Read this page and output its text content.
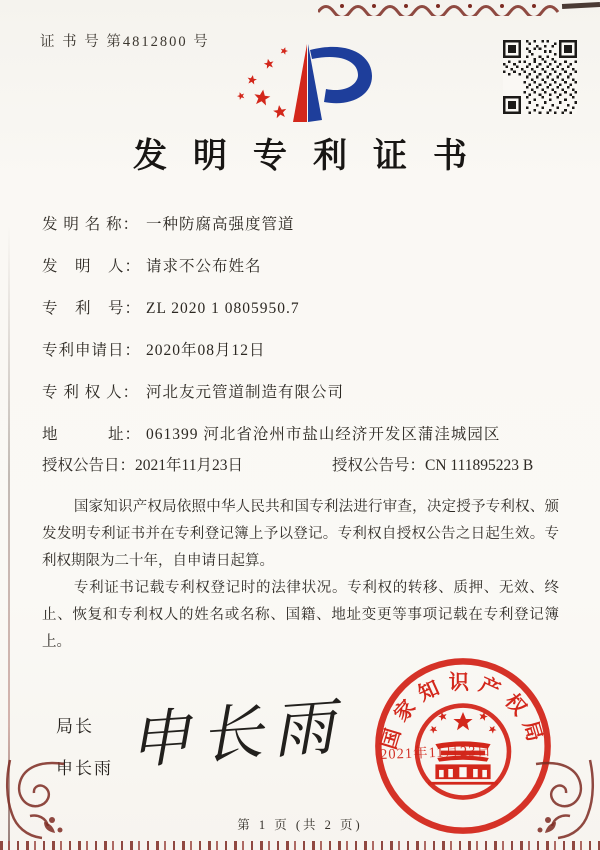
证 书 号 第4812800 号
发明专利证书
发 明 名 称： 一种防腐高强度管道
发　明　人： 请求不公布姓名
专　利　号： ZL 2020 1 0805950.7
专利申请日： 2020年08月12日
专 利 权 人： 河北友元管道制造有限公司
地　　　址： 061399 河北省沧州市盐山经济开发区蒲洼城园区
授权公告日：2021年11月23日	授权公告号：CN 111895223 B

国家知识产权局依照中华人民共和国专利法进行审查，决定授予专利权、颁发发明专利证书并在专利登记簿上予以登记。专利权自授权公告之日起生效。专利权期限为二十年，自申请日起算。

专利证书记载专利权登记时的法律状况。专利权的转移、质押、无效、终止、恢复和专利权人的姓名或名称、国籍、地址变更等事项记载在专利登记簿上。

局长
申长雨 申长雨 国家知识产权局
2021年11月23日
第 1 页 (共 2 页)
